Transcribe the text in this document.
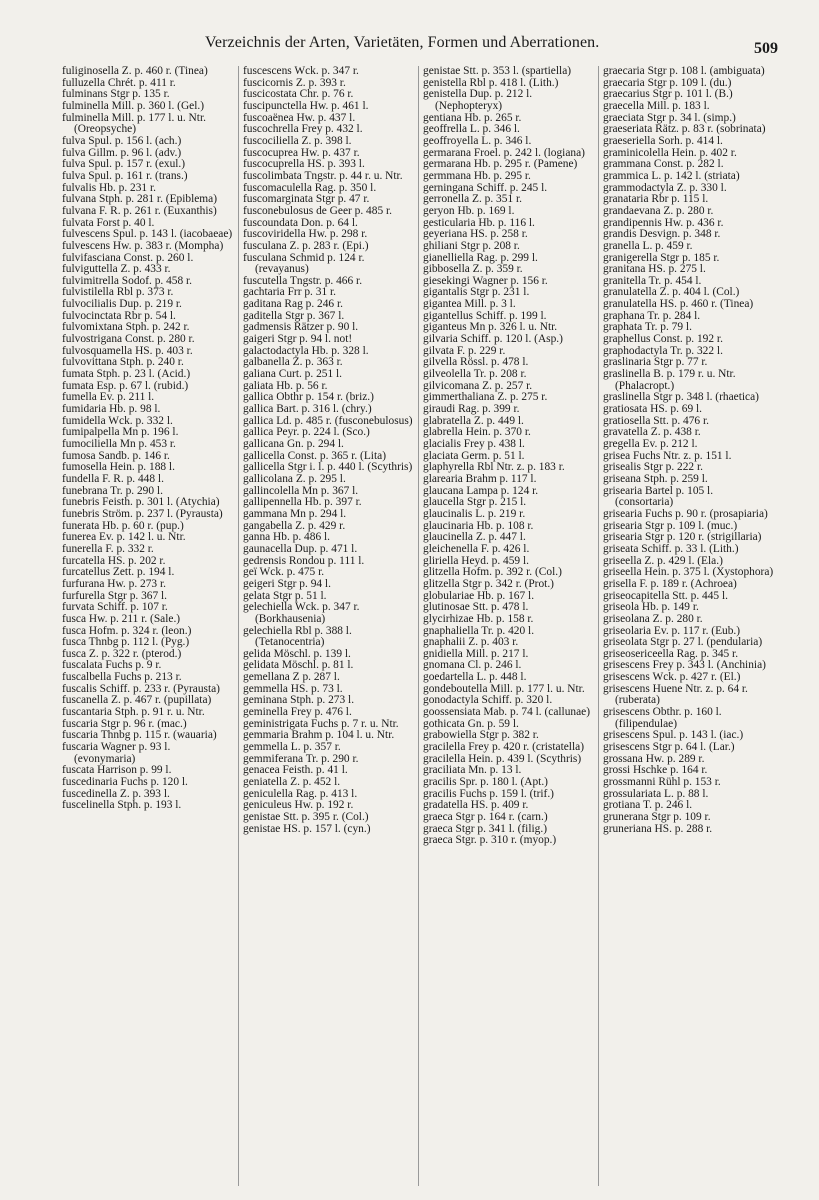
Verzeichnis der Arten, Varietäten, Formen und Aberrationen.	509
fuliginosella Z. p. 460 r. (Tinea)
fulluzella Chrét. p. 411 r.
fulminans Stgr p. 135 r.
fulminella Mill. p. 360 l. (Gel.)
fulminella Mill. p. 177 l. u. Ntr. (Oreopsyche)
fulva Spul. p. 156 l. (ach.)
fulva Gillm. p. 96 l. (adv.)
fulva Spul. p. 157 r. (exul.)
fulva Spul. p. 161 r. (trans.)
fulvalis Hb. p. 231 r.
fulvana Stph. p. 281 r. (Epiblema)
fulvana F. R. p. 261 r. (Euxanthis)
fulvata Forst p. 40 l.
fulvescens Spul. p. 143 l. (iacobaeae)
fulvescens Hw. p. 383 r. (Mompha)
fulvifasciana Const. p. 260 l.
fulviguttella Z. p. 433 r.
fulvimitrella Sodof. p. 458 r.
fulvistilella Rbl p. 373 r.
fulvocilialis Dup. p. 219 r.
fulvocinctata Rbr p. 54 l.
fulvomixtana Stph. p. 242 r.
fulvostrigana Const. p. 280 r.
fulvosquamella HS. p. 403 r.
fulvovittana Stph. p. 240 r.
fumata Stph. p. 23 l. (Acid.)
fumata Esp. p. 67 l. (rubid.)
fumella Ev. p. 211 l.
fumidaria Hb. p. 98 l.
fumidella Wck. p. 332 l.
fumipalpella Mn p. 196 l.
fumociliella Mn p. 453 r.
fumosa Sandb. p. 146 r.
fumosella Hein. p. 188 l.
fundella F. R. p. 448 l.
funebrana Tr. p. 290 l.
funebris Feisth. p. 301 l. (Atychia)
funebris Ström. p. 237 l. (Pyrausta)
funerata Hb. p. 60 r. (pup.)
funerea Ev. p. 142 l. u. Ntr.
funerella F. p. 332 r.
furcatella HS. p. 202 r.
furcatellus Zett. p. 194 l.
furfurana Hw. p. 273 r.
furfurella Stgr p. 367 l.
furvata Schiff. p. 107 r.
fusca Hw. p. 211 r. (Sale.)
fusca Hofm. p. 324 r. (leon.)
fusca Thnbg p. 112 l. (Pyg.)
fusca Z. p. 322 r. (pterod.)
fuscalata Fuchs p. 9 r.
fuscalbella Fuchs p. 213 r.
fuscalis Schiff. p. 233 r. (Pyrausta)
fuscanella Z. p. 467 r. (pupillata)
fuscantaria Stph. p. 91 r. u. Ntr.
fuscaria Stgr p. 96 r. (mac.)
fuscaria Thnbg p. 115 r. (wauaria)
fuscaria Wagner p. 93 l. (evonymaria)
fuscata Harrison p. 99 l.
fuscedinaria Fuchs p. 120 l.
fuscedinella Z. p. 393 l.
fuscelinella Stph. p. 193 l.
fuscescens Wck. p. 347 r.
fuscicornis Z. p. 393 r.
fuscicostata Chr. p. 76 r.
fuscipunctella Hw. p. 461 l.
fuscoaënea Hw. p. 437 l.
fuscochrella Frey p. 432 l.
fuscociliella Z. p. 398 l.
fuscocuprea Hw. p. 437 r.
fuscocuprella HS. p. 393 l.
fuscolimbata Tngstr. p. 44 r. u. Ntr.
fuscomaculella Rag. p. 350 l.
fuscomarginata Stgr p. 47 r.
fusconebulosus de Geer p. 485 r.
fuscoundata Don. p. 64 l.
fuscoviridella Hw. p. 298 r.
fusculana Z. p. 283 r. (Epi.)
fusculana Schmid p. 124 r. (revayanus)
fuscutella Tngstr. p. 466 r.
gachtaria Frr p. 31 r.
gaditana Rag p. 246 r.
gaditella Stgr p. 367 l.
gadmensis Rätzer p. 90 l.
gaigeri Stgr p. 94 l. not!
galactodactyla Hb. p. 328 l.
galbanella Z. p. 363 r.
galiana Curt. p. 251 l.
galiata Hb. p. 56 r.
gallica Obthr p. 154 r. (briz.)
gallica Bart. p. 316 l. (chry.)
gallica Ld. p. 485 r. (fusconebulosus)
gallica Peyr. p. 224 l. (Sco.)
gallicana Gn. p. 294 l.
gallicella Const. p. 365 r. (Lita)
gallicella Stgr i. l. p. 440 l. (Scythris)
gallicolana Z. p. 295 l.
gallincolella Mn p. 367 l.
gallipennella Hb. p. 397 r.
gammana Mn p. 294 l.
gangabella Z. p. 429 r.
ganna Hb. p. 486 l.
gaunacella Dup. p. 471 l.
gedrensis Rondou p. 111 l.
geï Wck. p. 475 r.
geigeri Stgr p. 94 l.
gelata Stgr p. 51 l.
gelechiella Wck. p. 347 r. (Borkhausenia)
gelechiella Rbl p. 388 l. (Tetanocentria)
gelida Möschl. p. 139 l.
gelidata Möschl. p. 81 l.
gemellana Z p. 287 l.
gemmella HS. p. 73 l.
geminana Stph. p. 273 l.
geminella Frey p. 476 l.
geministrigata Fuchs p. 7 r. u. Ntr.
gemmaria Brahm p. 104 l. u. Ntr.
gemmella L. p. 357 r.
gemmiferana Tr. p. 290 r.
genacea Feisth. p. 41 l.
geniatella Z. p. 452 l.
geniculella Rag. p. 413 l.
geniculeus Hw. p. 192 r.
genistae Stt. p. 395 r. (Col.)
genistae HS. p. 157 l. (cyn.)
genistae Stt. p. 353 l. (spartiella)
genistella Rbl p. 418 l. (Lith.)
genistella Dup. p. 212 l. (Nephopteryx)
gentiana Hb. p. 265 r.
geoffrella L. p. 346 l.
geoffroyella L. p. 346 l.
germarana Froel. p. 242 l. (logiana)
germarana Hb. p. 295 r. (Pamene)
germmana Hb. p. 295 r.
gerningana Schiff. p. 245 l.
gerronella Z. p. 351 r.
geryon Hb. p. 169 l.
gesticularia Hb. p. 116 l.
geyeriana HS. p. 258 r.
ghiliani Stgr p. 208 r.
gianelliella Rag. p. 299 l.
gibbosella Z. p. 359 r.
giesekingi Wagner p. 156 r.
gigantalis Stgr p. 231 l.
gigantea Mill. p. 3 l.
gigantellus Schiff. p. 199 l.
giganteus Mn p. 326 l. u. Ntr.
gilvaria Schiff. p. 120 l. (Asp.)
gilvata F. p. 229 r.
gilvella Rössl. p. 478 l.
gilveolella Tr. p. 208 r.
gilvicomana Z. p. 257 r.
gimmerthaliana Z. p. 275 r.
giraudi Rag. p. 399 r.
glabratella Z. p. 449 l.
glabrella Hein. p. 370 r.
glacialis Frey p. 438 l.
glaciata Germ. p. 51 l.
glaphyrella Rbl Ntr. z. p. 183 r.
glarearia Brahm p. 117 l.
glaucana Lampa p. 124 r.
glaucella Stgr p. 215 l.
glaucinalis L. p. 219 r.
glaucinaria Hb. p. 108 r.
glaucinella Z. p. 447 l.
gleichenella F. p. 426 l.
gliriella Heyd. p. 459 l.
glitzella Hofm. p. 392 r. (Col.)
glitzella Stgr p. 342 r. (Prot.)
globulariae Hb. p. 167 l.
glutinosae Stt. p. 478 l.
glycirhizae Hb. p. 158 r.
gnaphaliella Tr. p. 420 l.
gnaphalii Z. p. 403 r.
gnidiella Mill. p. 217 l.
gnomana Cl. p. 246 l.
goedartella L. p. 448 l.
gondeboutella Mill. p. 177 l. u. Ntr.
gonodactyla Schiff. p. 320 l.
goossensiata Mab. p. 74 l. (callunae)
gothicata Gn. p. 59 l.
grabowiella Stgr p. 382 r.
gracilella Frey p. 420 r. (cristatella)
gracilella Hein. p. 439 l. (Scythris)
graciliata Mn. p. 13 l.
gracilis Spr. p. 180 l. (Apt.)
gracilis Fuchs p. 159 l. (trif.)
gradatella HS. p. 409 r.
graeca Stgr p. 164 r. (carn.)
graeca Stgr p. 341 l. (filig.)
graeca Stgr. p. 310 r. (myop.)
graecaria Stgr p. 108 l. (ambiguata)
graecaria Stgr p. 109 l. (du.)
graecarius Stgr p. 101 l. (B.)
graecella Mill. p. 183 l.
graeciata Stgr p. 34 l. (simp.)
graeseriata Rätz. p. 83 r. (sobrinata)
graeseriella Sorh. p. 414 l.
graminicolella Hein. p. 402 r.
grammana Const. p. 282 l.
grammica L. p. 142 l. (striata)
grammodactyla Z. p. 330 l.
granataria Rbr p. 115 l.
grandaevana Z. p. 280 r.
grandipennis Hw. p. 436 r.
grandis Desvign. p. 348 r.
granella L. p. 459 r.
granigerella Stgr p. 185 r.
granitana HS. p. 275 l.
granitella Tr. p. 454 l.
granulatella Z. p. 404 l. (Col.)
granulatella HS. p. 460 r. (Tinea)
graphana Tr. p. 284 l.
graphata Tr. p. 79 l.
graphellus Const. p. 192 r.
graphodactyla Tr. p. 322 l.
graslinaria Stgr p. 77 r.
graslinella B. p. 179 r. u. Ntr. (Phalacropt.)
graslinella Stgr p. 348 l. (rhaetica)
gratiosata HS. p. 69 l.
gratiosella Stt. p. 476 r.
gravatella Z. p. 438 r.
gregella Ev. p. 212 l.
grisea Fuchs Ntr. z. p. 151 l.
grisealis Stgr p. 222 r.
griseana Stph. p. 259 l.
grisearia Bartel p. 105 l. (consortaria)
grisearia Fuchs p. 90 r. (prosapiaria)
grisearia Stgr p. 109 l. (muc.)
grisearia Stgr p. 120 r. (strigillaria)
griseata Schiff. p. 33 l. (Lith.)
griseella Z. p. 429 l. (Ela.)
griseella Hein. p. 375 l. (Xystophora)
grisella F. p. 189 r. (Achroea)
griseocapitella Stt. p. 445 l.
griseola Hb. p. 149 r.
griseolana Z. p. 280 r.
griseolaria Ev. p. 117 r. (Eub.)
griseolata Stgr p. 27 l. (pendularia)
griseosericeella Rag. p. 345 r.
grisescens Frey p. 343 l. (Anchinia)
grisescens Wck. p. 427 r. (El.)
grisescens Huene Ntr. z. p. 64 r. (ruberata)
grisescens Obthr. p. 160 l. (filipendulae)
grisescens Spul. p. 143 l. (iac.)
grisescens Stgr p. 64 l. (Lar.)
grossana Hw. p. 289 r.
grossi Hschke p. 164 r.
grossmanni Rühl p. 153 r.
grossulariata L. p. 88 l.
grotiana T. p. 246 l.
grunerana Stgr p. 109 r.
gruneriana HS. p. 288 r.
